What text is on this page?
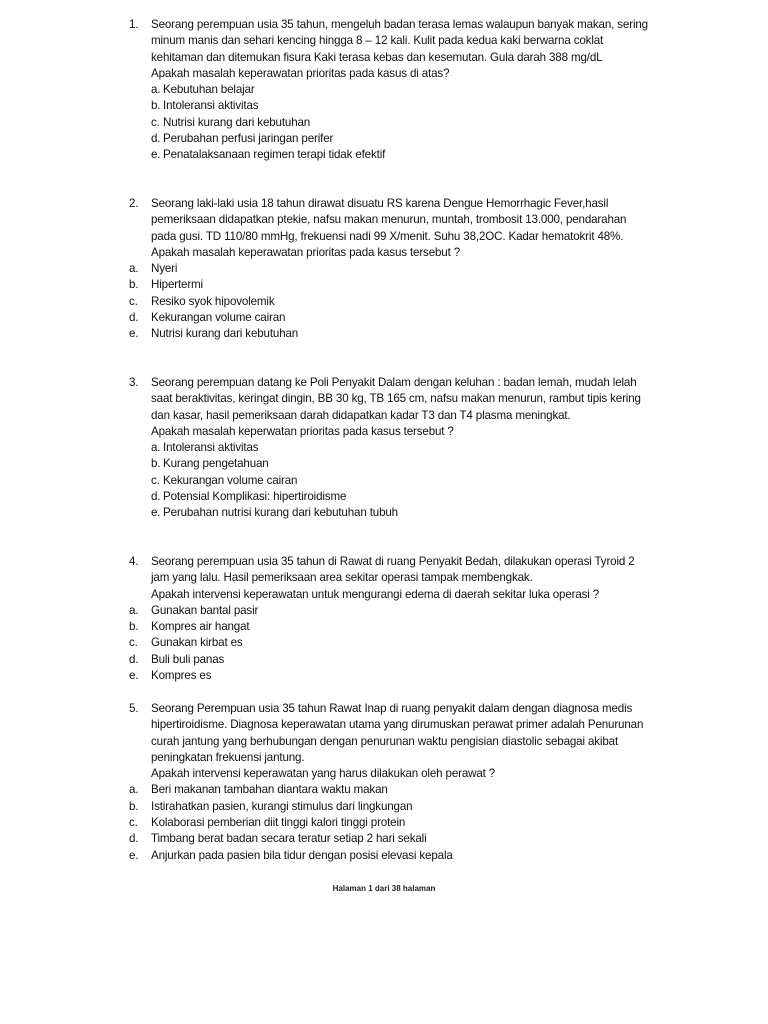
1. Seorang perempuan usia 35 tahun, mengeluh badan terasa lemas walaupun banyak makan, sering minum manis dan sehari kencing hingga 8 – 12 kali. Kulit pada kedua kaki berwarna coklat kehitaman dan ditemukan fisura Kaki terasa kebas dan kesemutan. Gula darah 388 mg/dL
Apakah masalah keperawatan prioritas pada kasus di atas?
a. Kebutuhan belajar
b. Intoleransi aktivitas
c. Nutrisi kurang dari kebutuhan
d. Perubahan perfusi jaringan perifer
e. Penatalaksanaan regimen terapi tidak efektif
2. Seorang laki-laki usia 18 tahun dirawat disuatu RS karena Dengue Hemorrhagic Fever,hasil pemeriksaan didapatkan ptekie, nafsu makan menurun, muntah, trombosit 13.000, pendarahan pada gusi. TD 110/80 mmHg, frekuensi nadi 99 X/menit. Suhu 38,2OC. Kadar hematokrit 48%.
Apakah masalah keperawatan prioritas pada kasus tersebut ?
a. Nyeri
b. Hipertermi
c. Resiko syok hipovolemik
d. Kekurangan volume cairan
e. Nutrisi kurang dari kebutuhan
3. Seorang perempuan datang ke Poli Penyakit Dalam dengan keluhan : badan lemah, mudah lelah saat beraktivitas, keringat dingin, BB 30 kg, TB 165 cm, nafsu makan menurun, rambut tipis kering dan kasar, hasil pemeriksaan darah didapatkan kadar T3 dan T4 plasma meningkat.
Apakah masalah keperwatan prioritas pada kasus tersebut ?
a. Intoleransi aktivitas
b. Kurang pengetahuan
c. Kekurangan volume cairan
d. Potensial Komplikasi: hipertiroidisme
e. Perubahan nutrisi kurang dari kebutuhan tubuh
4. Seorang perempuan usia 35 tahun di Rawat di ruang Penyakit Bedah, dilakukan operasi Tyroid 2 jam yang lalu. Hasil pemeriksaan area sekitar operasi tampak membengkak.
Apakah intervensi keperawatan untuk mengurangi edema di daerah sekitar luka operasi ?
a. Gunakan bantal pasir
b. Kompres air hangat
c. Gunakan kirbat es
d. Buli buli panas
e. Kompres es
5. Seorang Perempuan usia 35 tahun Rawat Inap di ruang penyakit dalam dengan diagnosa medis hipertiroidisme. Diagnosa keperawatan utama yang dirumuskan perawat primer adalah Penurunan curah jantung yang berhubungan dengan penurunan waktu pengisian diastolic sebagai akibat peningkatan frekuensi jantung.
Apakah intervensi keperawatan yang harus dilakukan oleh perawat ?
a. Beri makanan tambahan diantara waktu makan
b. Istirahatkan pasien, kurangi stimulus dari lingkungan
c. Kolaborasi pemberian diit tinggi kalori tinggi protein
d. Timbang berat badan secara teratur setiap 2 hari sekali
e. Anjurkan pada pasien bila tidur dengan posisi elevasi kepala
Halaman 1 dari 38 halaman
